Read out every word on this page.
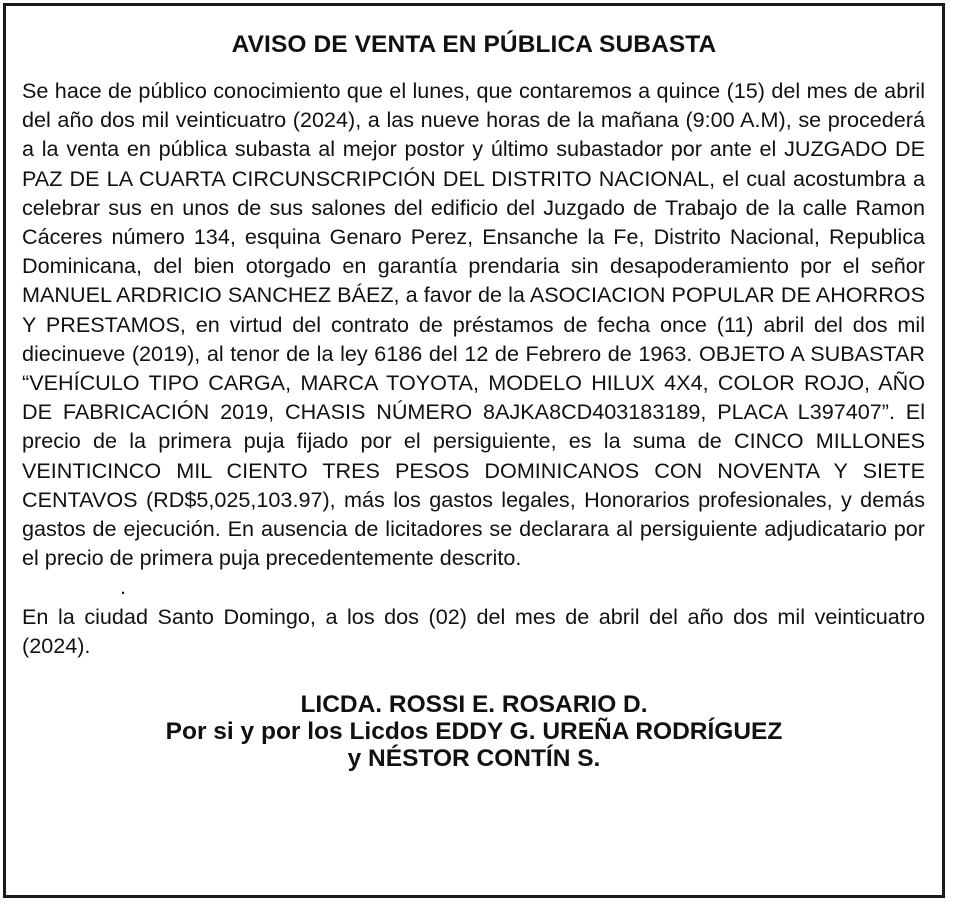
AVISO DE VENTA EN PÚBLICA SUBASTA

Se hace de público conocimiento que el lunes, que contaremos a quince (15) del mes de abril del año dos mil veinticuatro (2024), a las nueve horas de la mañana (9:00 A.M), se procederá a la venta en pública subasta al mejor postor y último subastador por ante el JUZGADO DE PAZ DE LA CUARTA CIRCUNSCRIPCIÓN DEL DISTRITO NACIONAL, el cual acostumbra a celebrar sus en unos de sus salones del edificio del Juzgado de Trabajo de la calle Ramon Cáceres número 134, esquina Genaro Perez, Ensanche la Fe, Distrito Nacional, Republica Dominicana, del bien otorgado en garantía prendaria sin desapoderamiento por el señor MANUEL ARDRICIO SANCHEZ BÁEZ, a favor de la ASOCIACION POPULAR DE AHORROS Y PRESTAMOS, en virtud del contrato de préstamos de fecha once (11) abril del dos mil diecinueve (2019), al tenor de la ley 6186 del 12 de Febrero de 1963. OBJETO A SUBASTAR “VEHÍCULO TIPO CARGA, MARCA TOYOTA, MODELO HILUX 4X4, COLOR ROJO, AÑO DE FABRICACIÓN 2019, CHASIS NÚMERO 8AJKA8CD403183189, PLACA L397407”. El precio de la primera puja fijado por el persiguiente, es la suma de CINCO MILLONES VEINTICINCO MIL CIENTO TRES PESOS DOMINICANOS CON NOVENTA Y SIETE CENTAVOS (RD$5,025,103.97), más los gastos legales, Honorarios profesionales, y demás gastos de ejecución. En ausencia de licitadores se declarara al persiguiente adjudicatario por el precio de primera puja precedentemente descrito.

.

En la ciudad Santo Domingo, a los dos (02) del mes de abril del año dos mil veinticuatro (2024).

LICDA. ROSSI E. ROSARIO D.
Por si y por los Licdos EDDY G. UREÑA RODRÍGUEZ
y NÉSTOR CONTÍN S.
